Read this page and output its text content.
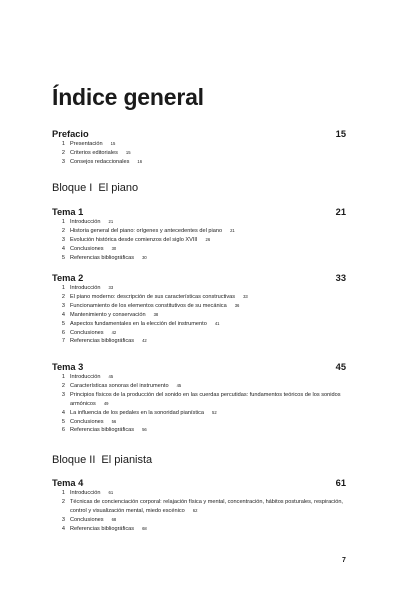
Índice general
Prefacio	15
1 Presentación 15
2 Criterios editoriales 15
3 Consejos redaccionales 16
Bloque I El piano
Tema 1	21
1 Introducción 21
2 Historia general del piano: orígenes y antecedentes del piano 21
3 Evolución histórica desde comienzos del siglo XVIII 26
4 Conclusiones 30
5 Referencias bibliográficas 30
Tema 2	33
1 Introducción 33
2 El piano moderno: descripción de sus características constructivas 33
3 Funcionamiento de los elementos constitutivos de su mecánica 36
4 Mantenimiento y conservación 38
5 Aspectos fundamentales en la elección del instrumento 41
6 Conclusiones 42
7 Referencias bibliográficas 42
Tema 3	45
1 Introducción 45
2 Características sonoras del instrumento 45
3 Principios físicos de la producción del sonido en las cuerdas percutidas: fundamentos teóricos de los sonidos armónicos 49
4 La influencia de los pedales en la sonoridad pianística 52
5 Conclusiones 56
6 Referencias bibliográficas 56
Bloque II El pianista
Tema 4	61
1 Introducción 61
2 Técnicas de concienciación corporal: relajación física y mental, concentración, hábitos posturales, respiración, control y visualización mental, miedo escénico 62
3 Conclusiones 68
4 Referencias bibliográficas 68
7
